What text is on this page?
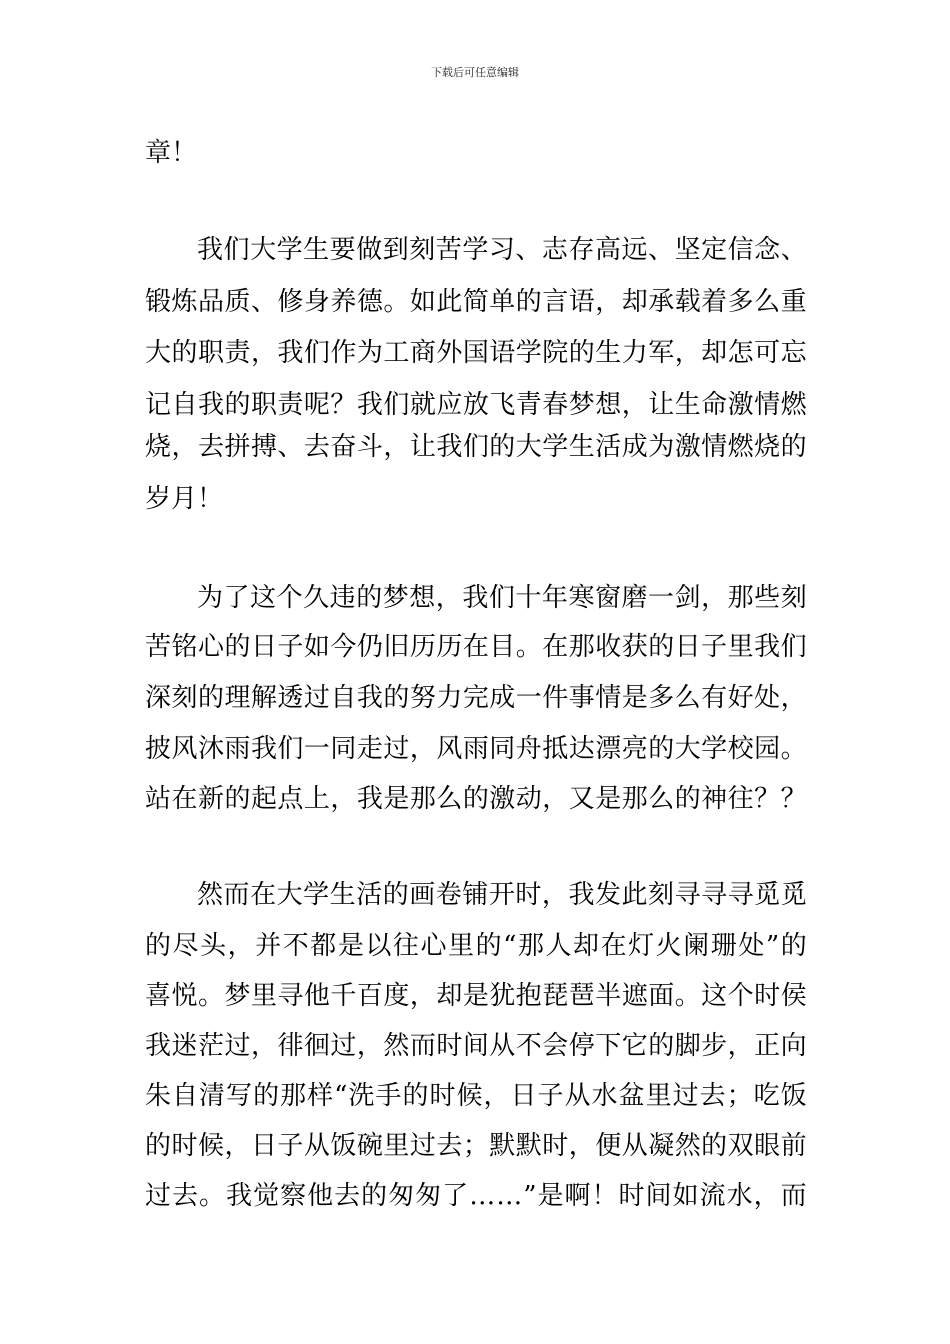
下载后可任意编辑
章！
我 们 大 学 生 要 做 到 刻 苦 学 习 、 志 存 高 远 、 坚 定 信 念 、
锻 炼 品 质 、 修 身 养 德 。 如 此 简 单 的 言 语 ， 却 承 载 着 多 么 重
大 的 职 责 ， 我 们 作 为 工 商 外 国 语 学 院 的 生 力 军 ， 却 怎 可 忘
记 自 我 的 职 责 呢 ？ 我 们 就 应 放 飞 青 春 梦 想 ， 让 生 命 激 情 燃
烧 ， 去 拼 搏 、 去 奋 斗 ， 让 我 们 的 大 学 生 活 成 为 激 情 燃 烧 的
岁月！
为 了 这 个 久 违 的 梦 想 ， 我 们 十 年 寒 窗 磨 一 剑 ， 那 些 刻
苦 铭 心 的 日 子 如 今 仍 旧 历 历 在 目 。 在 那 收 获 的 日 子 里 我 们
深 刻 的 理 解 透 过 自 我 的 努 力 完 成 一 件 事 情 是 多 么 有 好 处 ，
披 风 沐 雨 我 们 一 同 走 过 ， 风 雨 同 舟 抵 达 漂 亮 的 大 学 校 园 。
站 在 新 的 起 点 上 ， 我 是 那 么 的 激 动 ， 又 是 那 么 的 神 往 ？ ？
然 而 在 大 学 生 活 的 画 卷 铺 开 时 ， 我 发 此 刻 寻 寻 寻 觅 觅
的 尽 头 ， 并 不 都 是 以 往 心 里 的 “ 那 人 却 在 灯 火 阑 珊 处 ” 的
喜 悦 。 梦 里 寻 他 千 百 度 ， 却 是 犹 抱 琵 琶 半 遮 面 。 这 个 时 侯
我 迷 茫 过 ， 徘 徊 过 ， 然 而 时 间 从 不 会 停 下 它 的 脚 步 ， 正 向
朱 自 清 写 的 那 样 “ 洗 手 的 时 候 ， 日 子 从 水 盆 里 过 去 ； 吃 饭
的 时 候 ， 日 子 从 饭 碗 里 过 去 ； 默 默 时 ， 便 从 凝 然 的 双 眼 前
过 去 。 我 觉 察 他 去 的 匆 匆 了 … … ” 是 啊 ！ 时 间 如 流 水 ， 而
